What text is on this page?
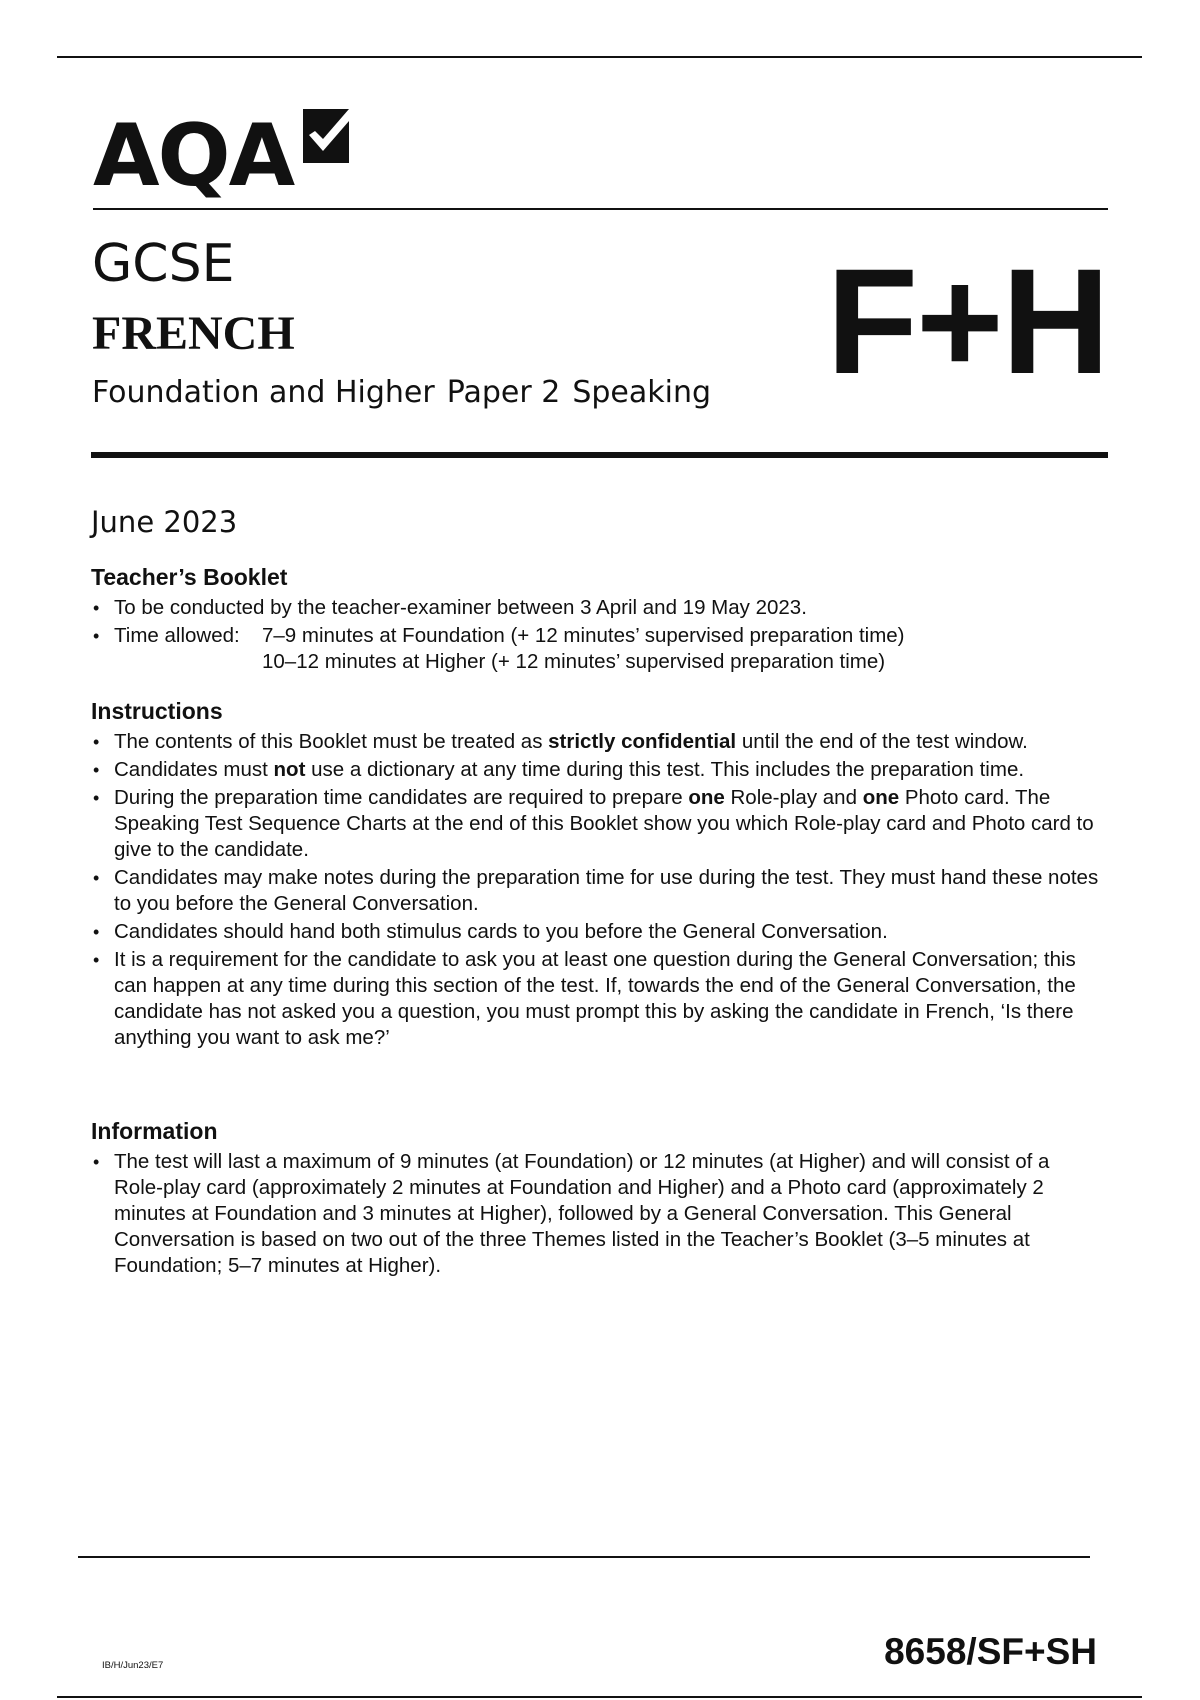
AQA
GCSE
FRENCH
Foundation and Higher Paper 2 Speaking F+H
June 2023
Teacher’s Booklet
• To be conducted by the teacher-examiner between 3 April and 19 May 2023.
• Time allowed:	7–9 minutes at Foundation (+ 12 minutes’ supervised preparation time)
10–12 minutes at Higher (+ 12 minutes’ supervised preparation time)
Instructions
• The contents of this Booklet must be treated as strictly confidential until the end of the test window.
• Candidates must not use a dictionary at any time during this test. This includes the preparation time.
• During the preparation time candidates are required to prepare one Role-play and one Photo card. The Speaking Test Sequence Charts at the end of this Booklet show you which Role-play card and Photo card to give to the candidate.
• Candidates may make notes during the preparation time for use during the test. They must hand these notes to you before the General Conversation.
• Candidates should hand both stimulus cards to you before the General Conversation.
• It is a requirement for the candidate to ask you at least one question during the General Conversation; this can happen at any time during this section of the test. If, towards the end of the General Conversation, the candidate has not asked you a question, you must prompt this by asking the candidate in French, ‘Is there anything you want to ask me?’
Information
• The test will last a maximum of 9 minutes (at Foundation) or 12 minutes (at Higher) and will consist of a Role-play card (approximately 2 minutes at Foundation and Higher) and a Photo card (approximately 2 minutes at Foundation and 3 minutes at Higher), followed by a General Conversation. This General Conversation is based on two out of the three Themes listed in the Teacher’s Booklet (3–5 minutes at Foundation; 5–7 minutes at Higher).
IB/H/Jun23/E7	8658/SF+SH
